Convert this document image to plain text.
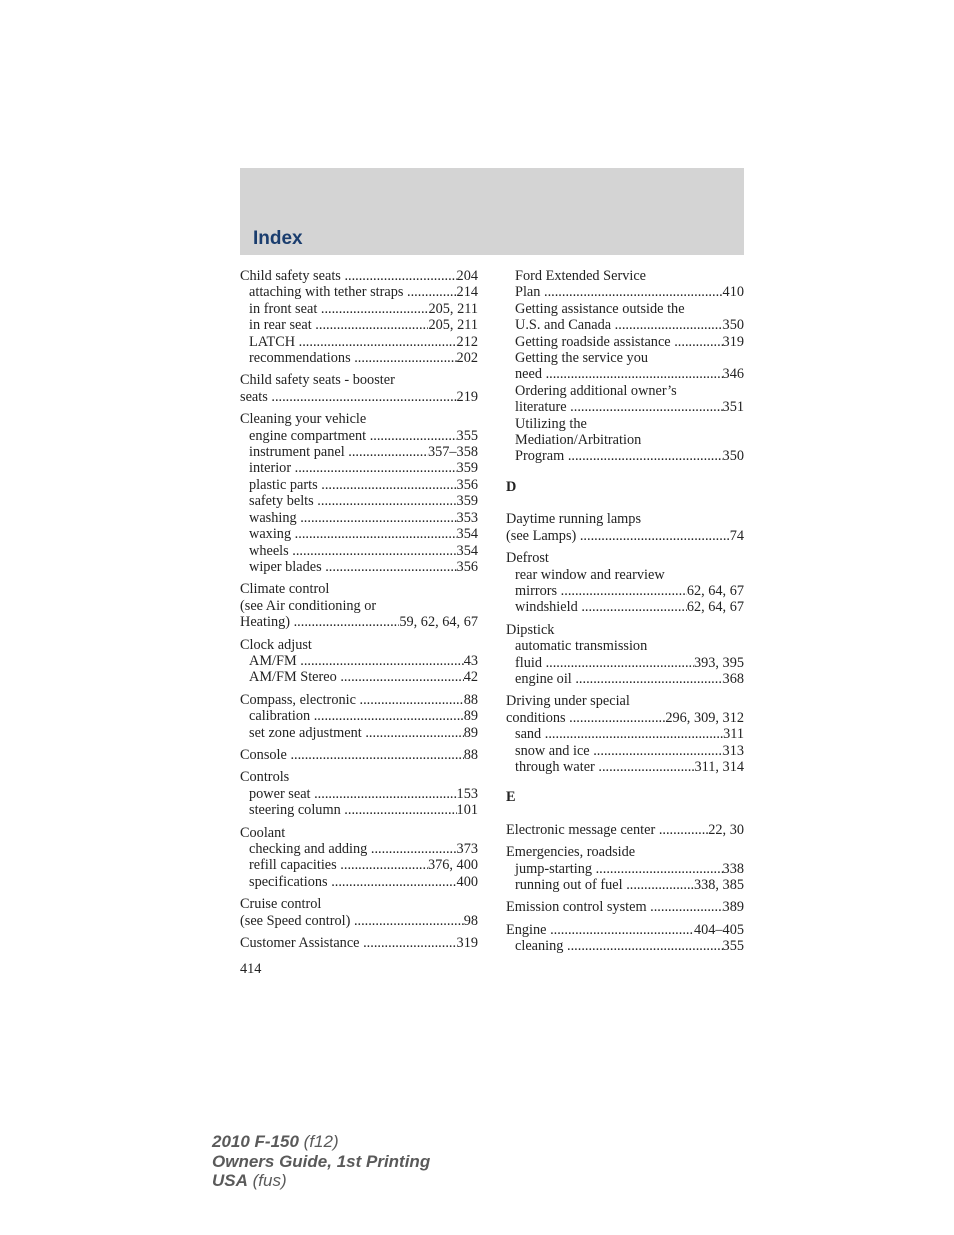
Index
Child safety seats .....	204
attaching with tether straps .....	214
in front seat .....	205, 211
in rear seat .....	205, 211
LATCH .....	212
recommendations .....	202
Child safety seats - booster
seats .....	219
Cleaning your vehicle
engine compartment .....	355
instrument panel .....	357–358
interior .....	359
plastic parts .....	356
safety belts .....	359
washing .....	353
waxing .....	354
wheels .....	354
wiper blades .....	356
Climate control
(see Air conditioning or
Heating) .....	59, 62, 64, 67
Clock adjust
AM/FM .....	43
AM/FM Stereo .....	42
Compass, electronic .....	88
calibration .....	89
set zone adjustment .....	89
Console .....	88
Controls
power seat .....	153
steering column .....	101
Coolant
checking and adding .....	373
refill capacities .....	376, 400
specifications .....	400
Cruise control
(see Speed control) .....	98
Customer Assistance .....	319
Ford Extended Service
Plan .....	410
Getting assistance outside the
U.S. and Canada .....	350
Getting roadside assistance .....	319
Getting the service you
need .....	346
Ordering additional owner’s
literature .....	351
Utilizing the
Mediation/Arbitration
Program .....	350
D
Daytime running lamps
(see Lamps) .....	74
Defrost
rear window and rearview
mirrors .....	62, 64, 67
windshield .....	62, 64, 67
Dipstick
automatic transmission
fluid .....	393, 395
engine oil .....	368
Driving under special
conditions .....	296, 309, 312
sand .....	311
snow and ice .....	313
through water .....	311, 314
E
Electronic message center .....	22, 30
Emergencies, roadside
jump-starting .....	338
running out of fuel .....	338, 385
Emission control system .....	389
Engine .....	404–405
cleaning .....	355
414
2010 F-150 (f12)
Owners Guide, 1st Printing
USA (fus)
